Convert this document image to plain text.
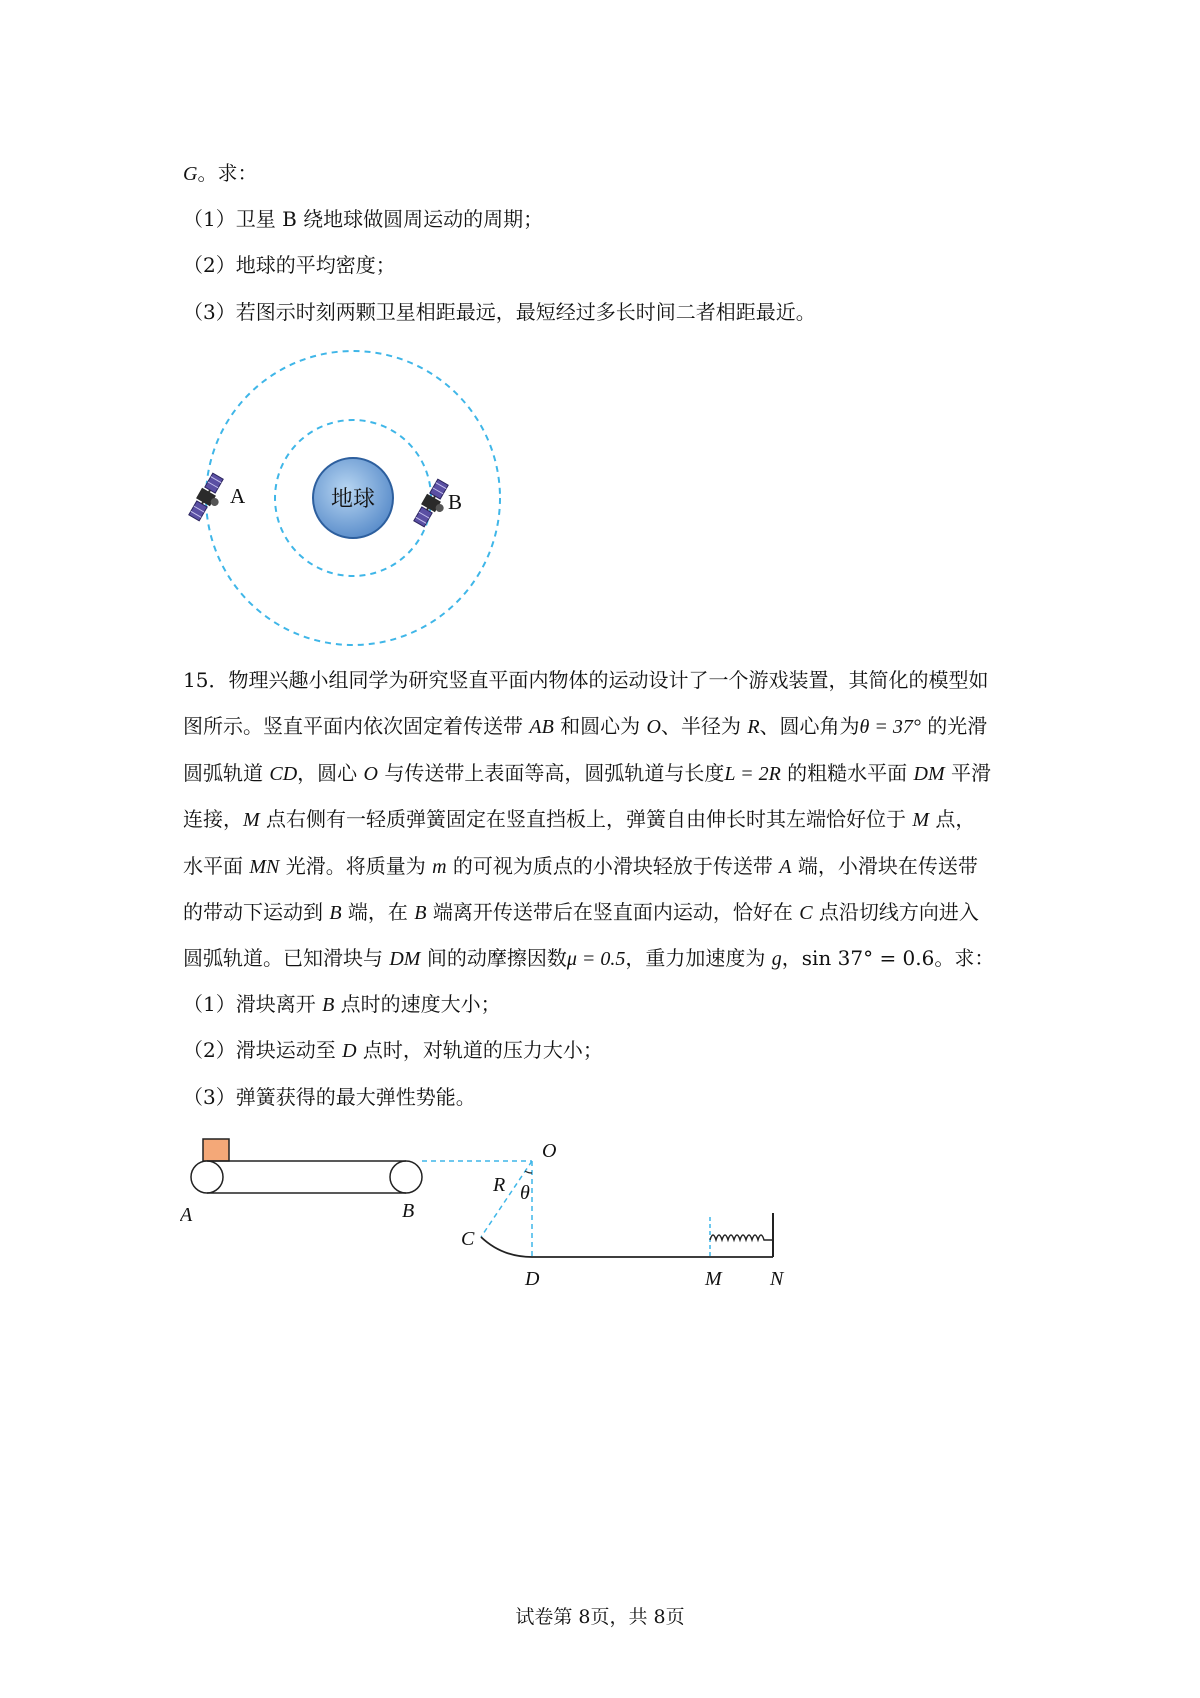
G。求：
（1）卫星 B 绕地球做圆周运动的周期；
（2）地球的平均密度；
（3）若图示时刻两颗卫星相距最远，最短经过多长时间二者相距最近。
地球
A	B
15．物理兴趣小组同学为研究竖直平面内物体的运动设计了一个游戏装置，其简化的模型如
图所示。竖直平面内依次固定着传送带 AB 和圆心为 O、半径为 R、圆心角为θ = 37° 的光滑
圆弧轨道 CD，圆心 O 与传送带上表面等高，圆弧轨道与长度L = 2R 的粗糙水平面 DM 平滑
连接，M 点右侧有一轻质弹簧固定在竖直挡板上，弹簧自由伸长时其左端恰好位于 M 点，
水平面 MN 光滑。将质量为 m 的可视为质点的小滑块轻放于传送带 A 端，小滑块在传送带
的带动下运动到 B 端，在 B 端离开传送带后在竖直面内运动，恰好在 C 点沿切线方向进入
圆弧轨道。已知滑块与 DM 间的动摩擦因数μ = 0.5，重力加速度为 g，sin 37° = 0.6。求：
（1）滑块离开 B 点时的速度大小；
（2）滑块运动至 D 点时，对轨道的压力大小；
（3）弹簧获得的最大弹性势能。
A	B
O
R θ
C
D	M N
试卷第 8页，共 8页
